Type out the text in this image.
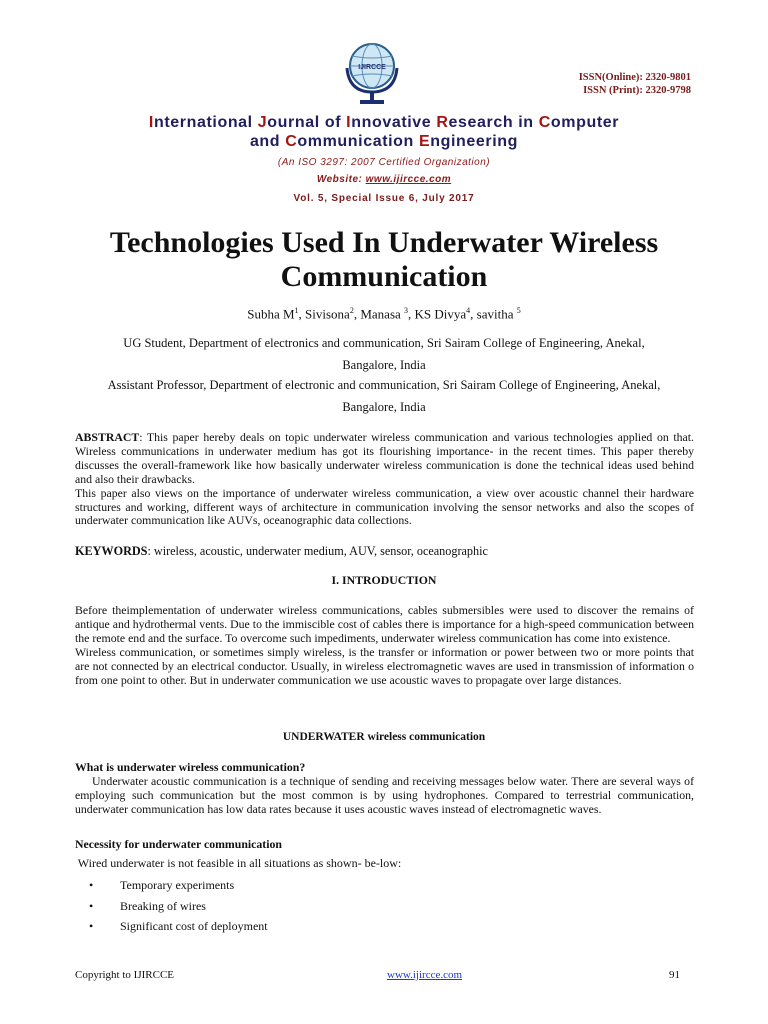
IJIRCCE
ISSN(Online): 2320-9801
ISSN (Print): 2320-9798
International Journal of Innovative Research in Computer
and Communication Engineering
(An ISO 3297: 2007 Certified Organization)
Website: www.ijircce.com
Vol. 5, Special Issue 6, July 2017
Technologies Used In Underwater Wireless
Communication
Subha $M^1$, Sivisona$^2$, Manasa $^3$, KS Divya$^4$, savitha $^5$
UG Student, Department of electronics and communication, Sri Sairam College of Engineering, Anekal,
Bangalore, India
Assistant Professor, Department of electronic and communication, Sri Sairam College of Engineering, Anekal,
Bangalore, India

ABSTRACT: This paper hereby deals on topic underwater wireless communication and various technologies applied on that. Wireless communications in underwater medium has got its flourishing importance- in the recent times. This paper thereby discusses the overall-framework like how basically underwater wireless communication is done the technical ideas used behind and also their drawbacks.

This paper also views on the importance of underwater wireless communication, a view over acoustic channel their hardware structures and working, different ways of architecture in communication involving the sensor networks and also the scopes of underwater communication like AUVs, oceanographic data collections.

KEYWORDS: wireless, acoustic, underwater medium, AUV, sensor, oceanographic
I. INTRODUCTION

Before theimplementation of underwater wireless communications, cables submersibles were used to discover the remains of antique and hydrothermal vents. Due to the immiscible cost of cables there is importance for a high-speed communication between the remote end and the surface. To overcome such impediments, underwater wireless communication has come into existence.

Wireless communication, or sometimes simply wireless, is the transfer or information or power between two or more points that are not connected by an electrical conductor. Usually, in wireless electromagnetic waves are used in transmission of information o from one point to other. But in underwater communication we use acoustic waves to propagate over large distances.

UNDERWATER wireless communication
What is underwater wireless communication?

Underwater acoustic communication is a technique of sending and receiving messages below water. There are several ways of employing such communication but the most common is by using hydrophones. Compared to terrestrial communication, underwater communication has low data rates because it uses acoustic waves instead of electromagnetic waves.

Necessity for underwater communication
Wired underwater is not feasible in all situations as shown- be-low:
• Temporary experiments
• Breaking of wires
• Significant cost of deployment
Copyright to IJIRCCE	www.ijircce.com	91
